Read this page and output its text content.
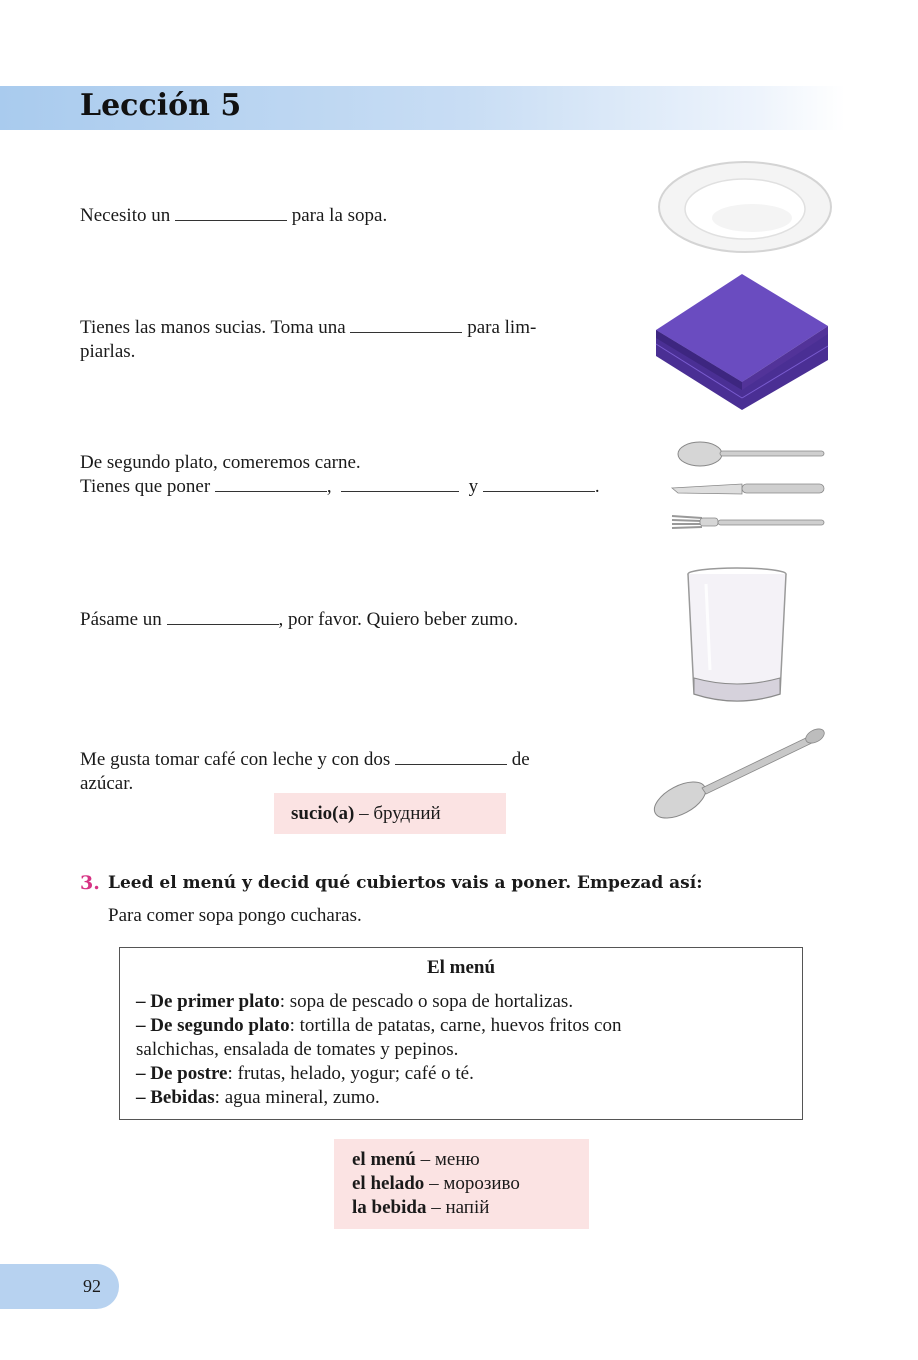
Lección 5
Necesito un	para la sopa.
Tienes las manos sucias. Toma una	para lim-
piarlas.
De segundo plato, comeremos carne.
Tienes que poner	,	y	.
Pásame un	, por favor. Quiero beber zumo.
Me gusta tomar café con leche y con dos	de
azúcar.
sucio(a) – брудний
3. Leed el menú y decid qué cubiertos vais a poner. Empezad así:
Para comer sopa pongo cucharas.
El menú
– De primer plato: sopa de pescado o sopa de hortalizas.
– De segundo plato: tortilla de patatas, carne, huevos fritos con
salchichas, ensalada de tomates y pepinos.
– De postre: frutas, helado, yogur; café o té.
– Bebidas: agua mineral, zumo.
el menú – меню
el helado – морозиво
la bebida – напій
92
